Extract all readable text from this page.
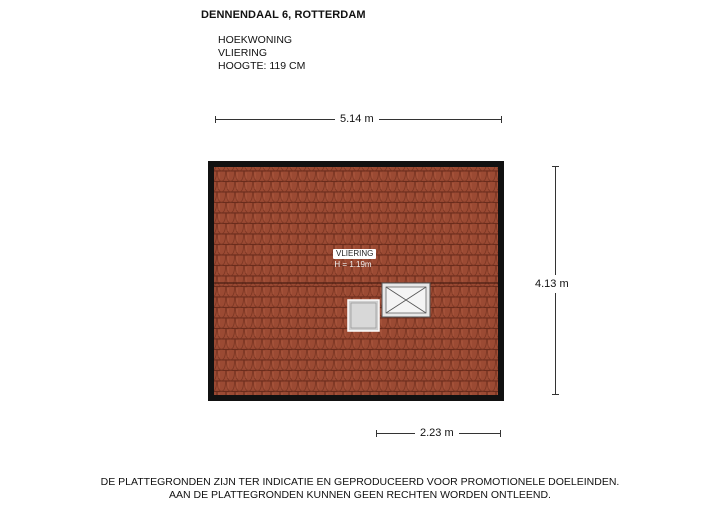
DENNENDAAL 6, ROTTERDAM
HOEKWONING
VLIERING
HOOGTE: 119 CM
5.14 m
4.13 m
2.23 m
VLIERING
H = 1.19m
DE PLATTEGRONDEN ZIJN TER INDICATIE EN GEPRODUCEERD VOOR PROMOTIONELE DOELEINDEN.
AAN DE PLATTEGRONDEN KUNNEN GEEN RECHTEN WORDEN ONTLEEND.
